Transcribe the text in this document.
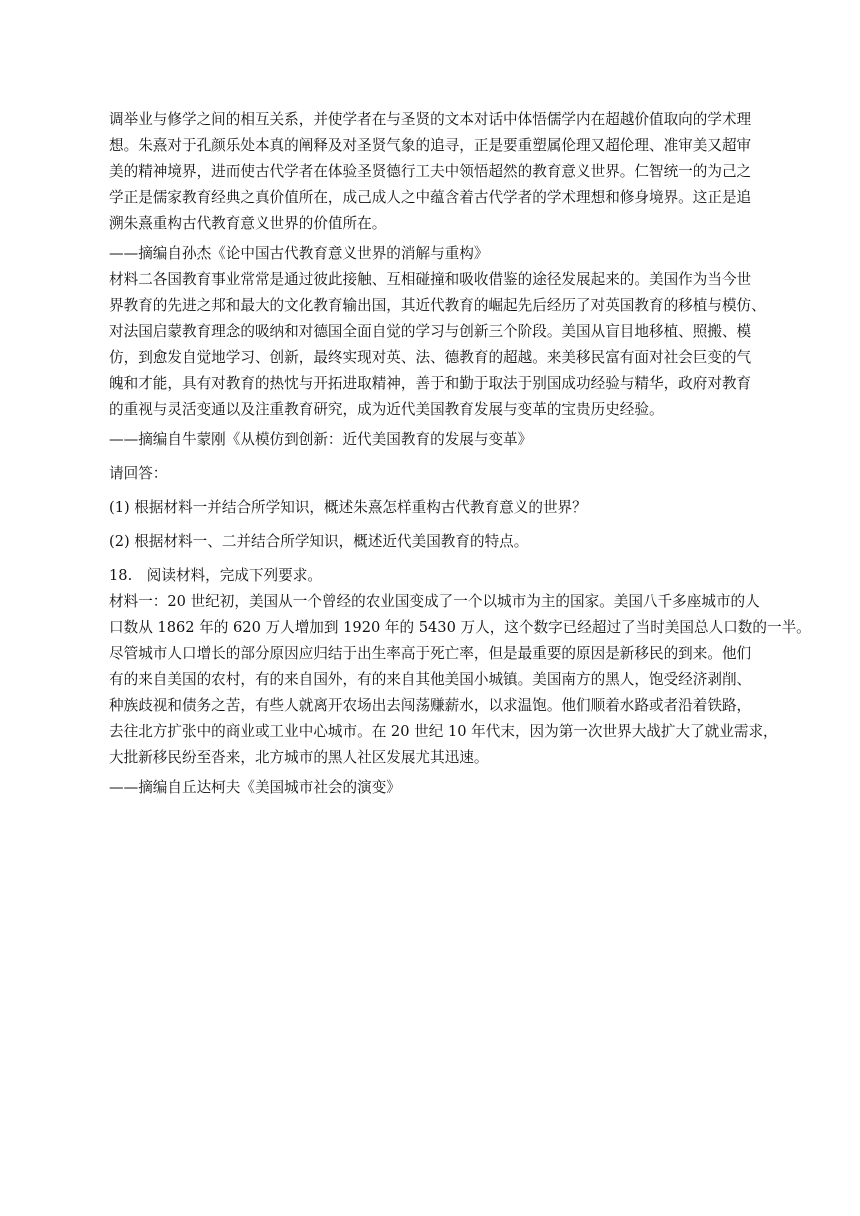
调举业与修学之间的相互关系，并使学者在与圣贤的文本对话中体悟儒学内在超越价值取向的学术理
想。朱熹对于孔颜乐处本真的阐释及对圣贤气象的追寻，正是要重塑属伦理又超伦理、准审美又超审
美的精神境界，进而使古代学者在体验圣贤德行工夫中领悟超然的教育意义世界。仁智统一的为己之
学正是儒家教育经典之真价值所在，成己成人之中蕴含着古代学者的学术理想和修身境界。这正是追
溯朱熹重构古代教育意义世界的价值所在。
——摘编自孙杰《论中国古代教育意义世界的消解与重构》
材料二各国教育事业常常是通过彼此接触、互相碰撞和吸收借鉴的途径发展起来的。美国作为当今世
界教育的先进之邦和最大的文化教育输出国，其近代教育的崛起先后经历了对英国教育的移植与模仿、
对法国启蒙教育理念的吸纳和对德国全面自觉的学习与创新三个阶段。美国从盲目地移植、照搬、模
仿，到愈发自觉地学习、创新，最终实现对英、法、德教育的超越。来美移民富有面对社会巨变的气
魄和才能，具有对教育的热忱与开拓进取精神，善于和勤于取法于别国成功经验与精华，政府对教育
的重视与灵活变通以及注重教育研究，成为近代美国教育发展与变革的宝贵历史经验。
——摘编自牛蒙刚《从模仿到创新：近代美国教育的发展与变革》
请回答：
(1) 根据材料一并结合所学知识，概述朱熹怎样重构古代教育意义的世界？
(2) 根据材料一、二并结合所学知识，概述近代美国教育的特点。
18.　阅读材料，完成下列要求。
材料一：20 世纪初，美国从一个曾经的农业国变成了一个以城市为主的国家。美国八千多座城市的人
口数从 1862 年的 620 万人增加到 1920 年的 5430 万人，这个数字已经超过了当时美国总人口数的一半。
尽管城市人口增长的部分原因应归结于出生率高于死亡率，但是最重要的原因是新移民的到来。他们
有的来自美国的农村，有的来自国外，有的来自其他美国小城镇。美国南方的黑人，饱受经济剥削、
种族歧视和债务之苦，有些人就离开农场出去闯荡赚薪水，以求温饱。他们顺着水路或者沿着铁路，
去往北方扩张中的商业或工业中心城市。在 20 世纪 10 年代末，因为第一次世界大战扩大了就业需求，
大批新移民纷至沓来，北方城市的黑人社区发展尤其迅速。
——摘编自丘达柯夫《美国城市社会的演变》
